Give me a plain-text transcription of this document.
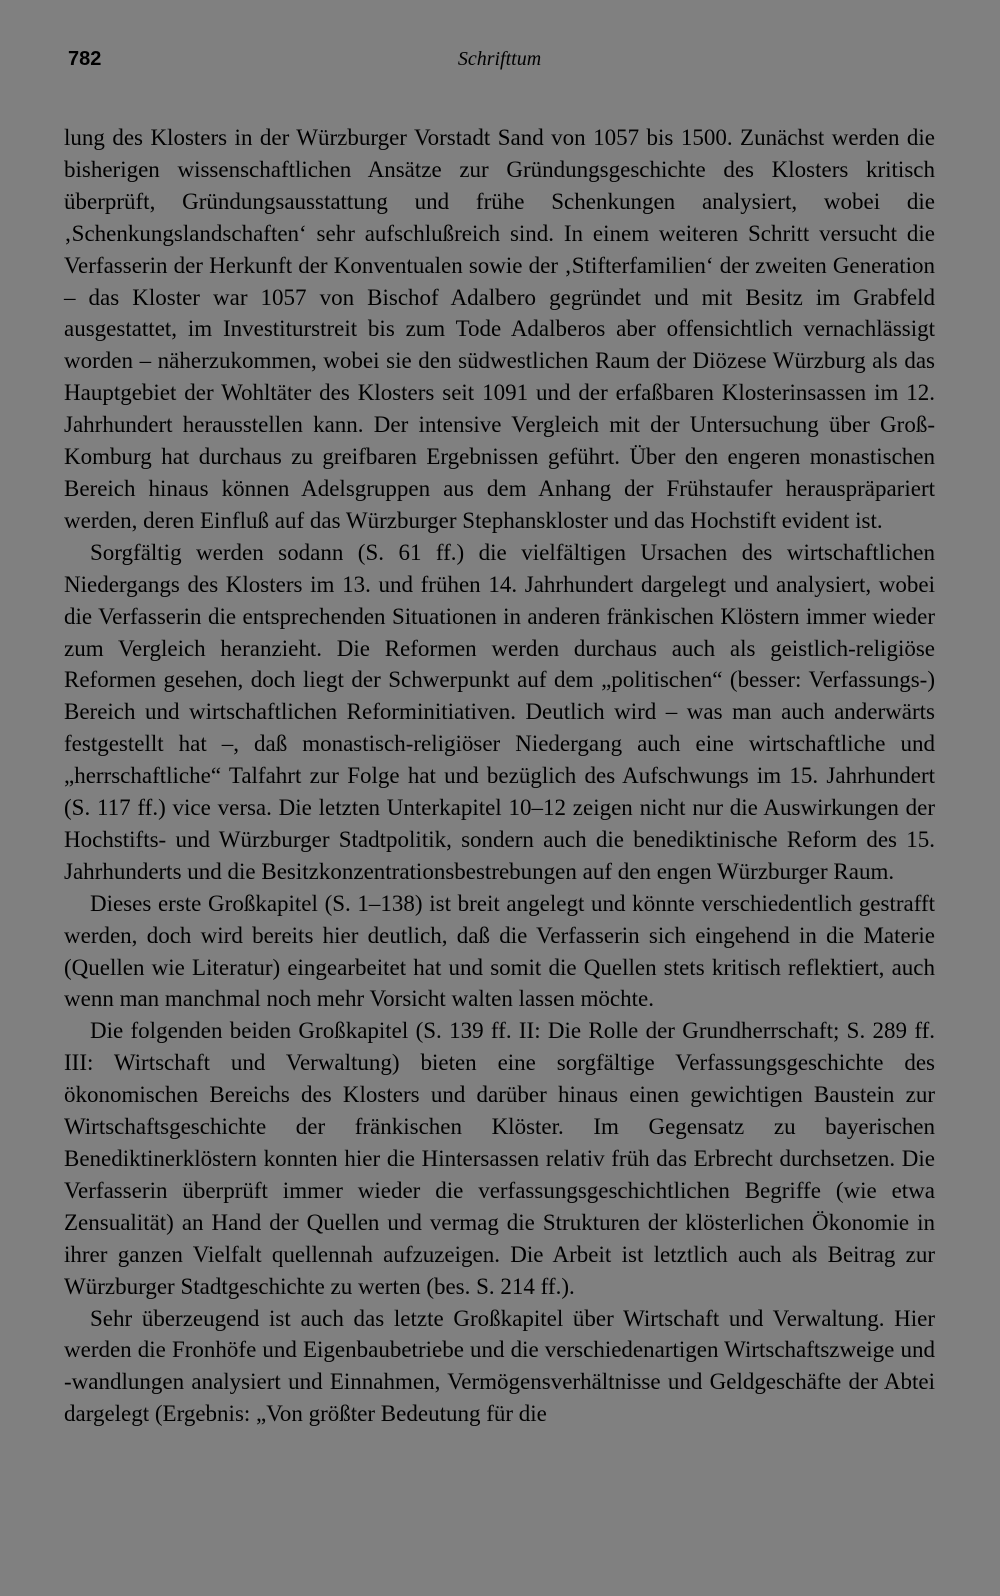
782	Schrifttum

lung des Klosters in der Würzburger Vorstadt Sand von 1057 bis 1500. Zunächst werden die bisherigen wissenschaftlichen Ansätze zur Gründungsgeschichte des Klosters kritisch überprüft, Gründungsausstattung und frühe Schenkungen analysiert, wobei die ‚Schenkungslandschaften‘ sehr aufschlußreich sind. In einem weiteren Schritt versucht die Verfasserin der Herkunft der Konventualen sowie der ‚Stifterfamilien‘ der zweiten Generation – das Kloster war 1057 von Bischof Adalbero gegründet und mit Besitz im Grabfeld ausgestattet, im Investiturstreit bis zum Tode Adalberos aber offensichtlich vernachlässigt worden – näherzukommen, wobei sie den südwestlichen Raum der Diözese Würzburg als das Hauptgebiet der Wohltäter des Klosters seit 1091 und der erfaßbaren Klosterinsassen im 12. Jahrhundert herausstellen kann. Der intensive Vergleich mit der Untersuchung über Groß-Komburg hat durchaus zu greifbaren Ergebnissen geführt. Über den engeren monastischen Bereich hinaus können Adelsgruppen aus dem Anhang der Frühstaufer herauspräpariert werden, deren Einfluß auf das Würzburger Stephanskloster und das Hochstift evident ist.

Sorgfältig werden sodann (S. 61 ff.) die vielfältigen Ursachen des wirtschaftlichen Niedergangs des Klosters im 13. und frühen 14. Jahrhundert dargelegt und analysiert, wobei die Verfasserin die entsprechenden Situationen in anderen fränkischen Klöstern immer wieder zum Vergleich heranzieht. Die Reformen werden durchaus auch als geistlich-religiöse Reformen gesehen, doch liegt der Schwerpunkt auf dem „politischen“ (besser: Verfassungs-) Bereich und wirtschaftlichen Reforminitiativen. Deutlich wird – was man auch anderwärts festgestellt hat –, daß monastisch-religiöser Niedergang auch eine wirtschaftliche und „herrschaftliche“ Talfahrt zur Folge hat und bezüglich des Aufschwungs im 15. Jahrhundert (S. 117 ff.) vice versa. Die letzten Unterkapitel 10–12 zeigen nicht nur die Auswirkungen der Hochstifts- und Würzburger Stadtpolitik, sondern auch die benediktinische Reform des 15. Jahrhunderts und die Besitzkonzentrationsbestrebungen auf den engen Würzburger Raum.

Dieses erste Großkapitel (S. 1–138) ist breit angelegt und könnte verschiedentlich gestrafft werden, doch wird bereits hier deutlich, daß die Verfasserin sich eingehend in die Materie (Quellen wie Literatur) eingearbeitet hat und somit die Quellen stets kritisch reflektiert, auch wenn man manchmal noch mehr Vorsicht walten lassen möchte.

Die folgenden beiden Großkapitel (S. 139 ff. II: Die Rolle der Grundherrschaft; S. 289 ff. III: Wirtschaft und Verwaltung) bieten eine sorgfältige Verfassungsgeschichte des ökonomischen Bereichs des Klosters und darüber hinaus einen gewichtigen Baustein zur Wirtschaftsgeschichte der fränkischen Klöster. Im Gegensatz zu bayerischen Benediktinerklöstern konnten hier die Hintersassen relativ früh das Erbrecht durchsetzen. Die Verfasserin überprüft immer wieder die verfassungsgeschichtlichen Begriffe (wie etwa Zensualität) an Hand der Quellen und vermag die Strukturen der klösterlichen Ökonomie in ihrer ganzen Vielfalt quellennah aufzuzeigen. Die Arbeit ist letztlich auch als Beitrag zur Würzburger Stadtgeschichte zu werten (bes. S. 214 ff.).

Sehr überzeugend ist auch das letzte Großkapitel über Wirtschaft und Verwaltung. Hier werden die Fronhöfe und Eigenbaubetriebe und die verschiedenartigen Wirtschaftszweige und -wandlungen analysiert und Einnahmen, Vermögensverhältnisse und Geldgeschäfte der Abtei dargelegt (Ergebnis: „Von größter Bedeutung für die
